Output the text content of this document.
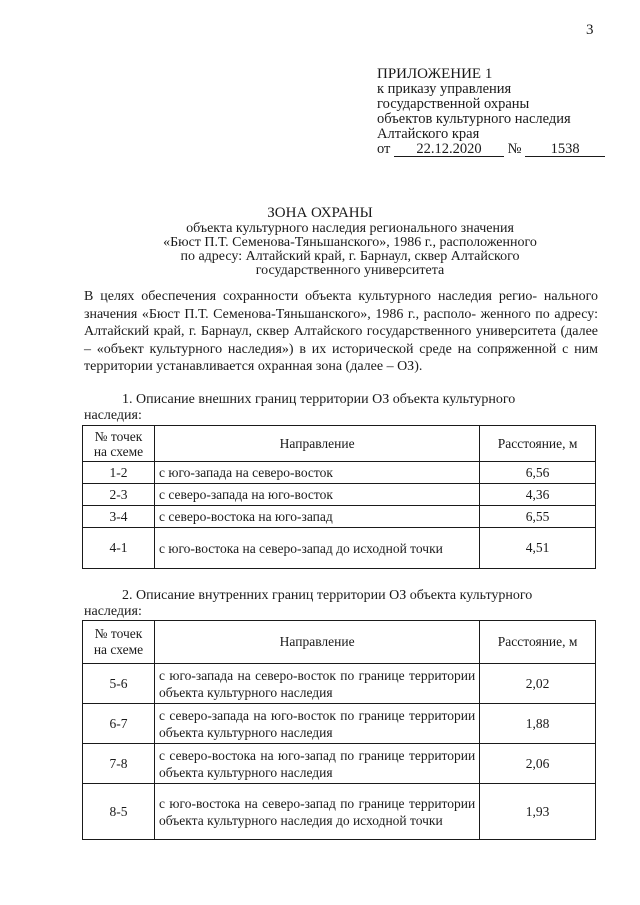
3
ПРИЛОЖЕНИЕ 1
к приказу управления
государственной охраны
объектов культурного наследия
Алтайского края
от 22.12.2020 № 1538
ЗОНА ОХРАНЫ
объекта культурного наследия регионального значения
«Бюст П.Т. Семенова-Тяньшанского», 1986 г., расположенного
по адресу: Алтайский край, г. Барнаул, сквер Алтайского
государственного университета
В целях обеспечения сохранности объекта культурного наследия регио- нального значения «Бюст П.Т. Семенова-Тяньшанского», 1986 г., располо- женного по адресу: Алтайский край, г. Барнаул, сквер Алтайского государственного университета (далее – «объект культурного наследия») в их исторической среде на сопряженной с ним территории устанавливается охранная зона (далее – ОЗ).
1. Описание внешних границ территории ОЗ объекта культурного
наследия:
№ точек на схеме	Направление	Расстояние, м
1-2	с юго-запада на северо-восток	6,56
2-3	с северо-запада на юго-восток	4,36
3-4	с северо-востока на юго-запад	6,55
4-1	с юго-востока на северо-запад до исходной точки	4,51
2. Описание внутренних границ территории ОЗ объекта культурного
наследия:
№ точек на схеме	Направление	Расстояние, м
5-6	с юго-запада на северо-восток по границе территории объекта культурного наследия	2,02
6-7	с северо-запада на юго-восток по границе территории объекта культурного наследия	1,88
7-8	с северо-востока на юго-запад по границе территории объекта культурного наследия	2,06
8-5	с юго-востока на северо-запад по границе территории объекта культурного наследия до исходной точки	1,93
